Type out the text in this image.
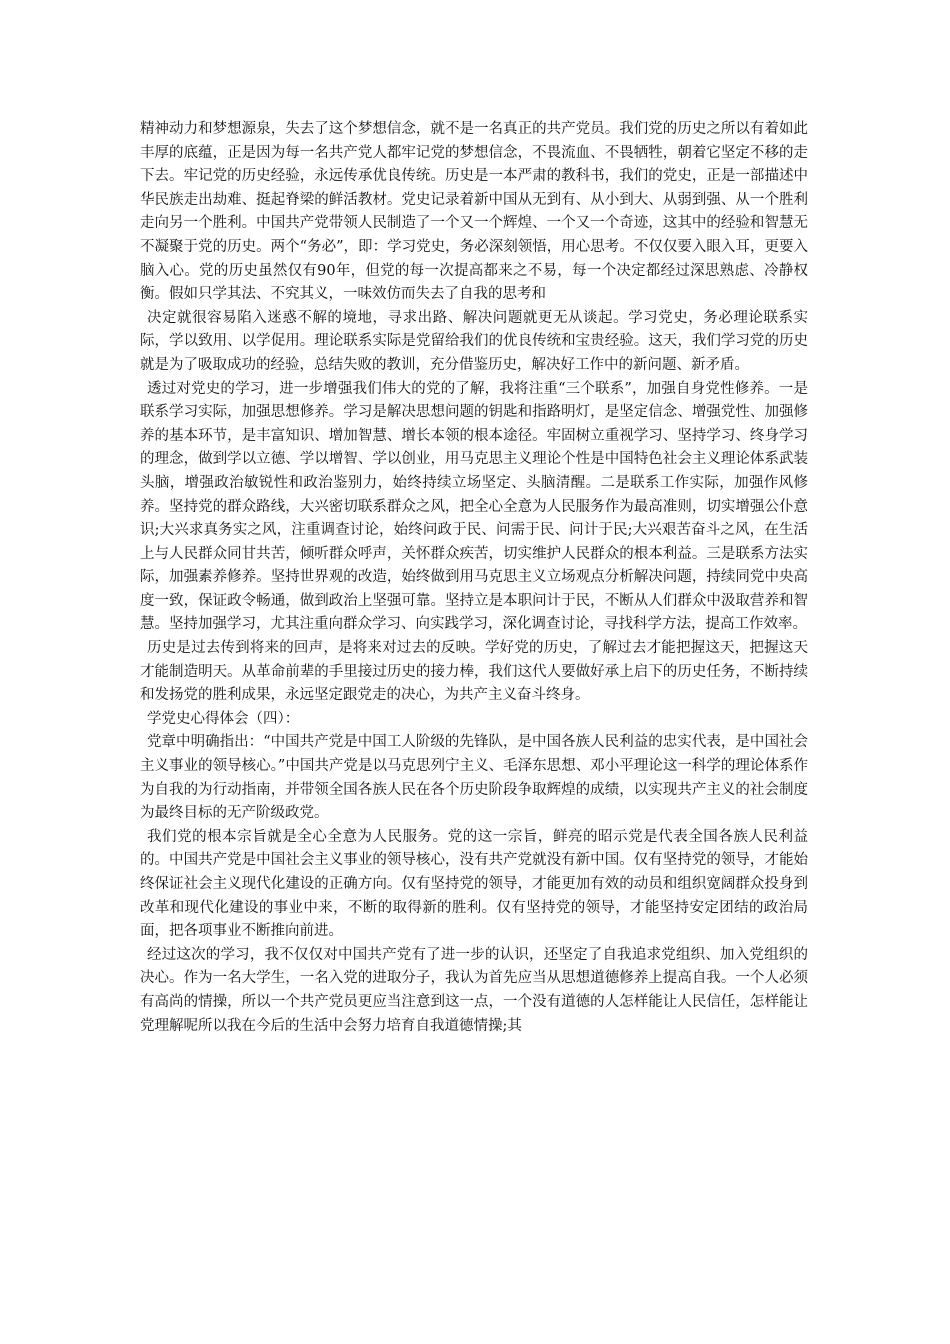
精神动力和梦想源泉，失去了这个梦想信念，就不是一名真正的共产党员。我们党的历史之所以有着如此丰厚的底蕴，正是因为每一名共产党人都牢记党的梦想信念，不畏流血、不畏牺牲，朝着它坚定不移的走下去。牢记党的历史经验，永远传承优良传统。历史是一本严肃的教科书，我们的党史，正是一部描述中华民族走出劫难、挺起脊梁的鲜活教材。党史记录着新中国从无到有、从小到大、从弱到强、从一个胜利走向另一个胜利。中国共产党带领人民制造了一个又一个辉煌、一个又一个奇迹，这其中的经验和智慧无不凝聚于党的历史。两个“务必”，即：学习党史，务必深刻领悟，用心思考。不仅仅要入眼入耳，更要入脑入心。党的历史虽然仅有90年，但党的每一次提高都来之不易，每一个决定都经过深思熟虑、冷静权衡。假如只学其法、不究其义，一味效仿而失去了自我的思考和

决定就很容易陷入迷惑不解的境地，寻求出路、解决问题就更无从谈起。学习党史，务必理论联系实际，学以致用、以学促用。理论联系实际是党留给我们的优良传统和宝贵经验。这天，我们学习党的历史就是为了吸取成功的经验，总结失败的教训，充分借鉴历史，解决好工作中的新问题、新矛盾。

透过对党史的学习，进一步增强我们伟大的党的了解，我将注重“三个联系”，加强自身党性修养。一是联系学习实际，加强思想修养。学习是解决思想问题的钥匙和指路明灯，是坚定信念、增强党性、加强修养的基本环节，是丰富知识、增加智慧、增长本领的根本途径。牢固树立重视学习、坚持学习、终身学习的理念，做到学以立德、学以增智、学以创业，用马克思主义理论个性是中国特色社会主义理论体系武装头脑，增强政治敏锐性和政治鉴别力，始终持续立场坚定、头脑清醒。二是联系工作实际，加强作风修养。坚持党的群众路线，大兴密切联系群众之风，把全心全意为人民服务作为最高准则，切实增强公仆意识;大兴求真务实之风，注重调查讨论，始终问政于民、问需于民、问计于民;大兴艰苦奋斗之风，在生活上与人民群众同甘共苦，倾听群众呼声，关怀群众疾苦，切实维护人民群众的根本利益。三是联系方法实际，加强素养修养。坚持世界观的改造，始终做到用马克思主义立场观点分析解决问题，持续同党中央高度一致，保证政令畅通，做到政治上坚强可靠。坚持立是本职问计于民，不断从人们群众中汲取营养和智慧。坚持加强学习，尤其注重向群众学习、向实践学习，深化调查讨论，寻找科学方法，提高工作效率。

历史是过去传到将来的回声，是将来对过去的反映。学好党的历史，了解过去才能把握这天，把握这天才能制造明天。从革命前辈的手里接过历史的接力棒，我们这代人要做好承上启下的历史任务，不断持续和发扬党的胜利成果，永远坚定跟党走的决心，为共产主义奋斗终身。

学党史心得体会（四）：

党章中明确指出：“中国共产党是中国工人阶级的先锋队，是中国各族人民利益的忠实代表，是中国社会主义事业的领导核心。”中国共产党是以马克思列宁主义、毛泽东思想、邓小平理论这一科学的理论体系作为自我的为行动指南，并带领全国各族人民在各个历史阶段争取辉煌的成绩，以实现共产主义的社会制度为最终目标的无产阶级政党。

我们党的根本宗旨就是全心全意为人民服务。党的这一宗旨，鲜亮的昭示党是代表全国各族人民利益的。中国共产党是中国社会主义事业的领导核心，没有共产党就没有新中国。仅有坚持党的领导，才能始终保证社会主义现代化建设的正确方向。仅有坚持党的领导，才能更加有效的动员和组织宽阔群众投身到改革和现代化建设的事业中来，不断的取得新的胜利。仅有坚持党的领导，才能坚持安定团结的政治局面，把各项事业不断推向前进。

经过这次的学习，我不仅仅对中国共产党有了进一步的认识，还坚定了自我追求党组织、加入党组织的决心。作为一名大学生，一名入党的进取分子，我认为首先应当从思想道德修养上提高自我。一个人必须有高尚的情操，所以一个共产党员更应当注意到这一点，一个没有道德的人怎样能让人民信任，怎样能让党理解呢所以我在今后的生活中会努力培育自我道德情操;其
